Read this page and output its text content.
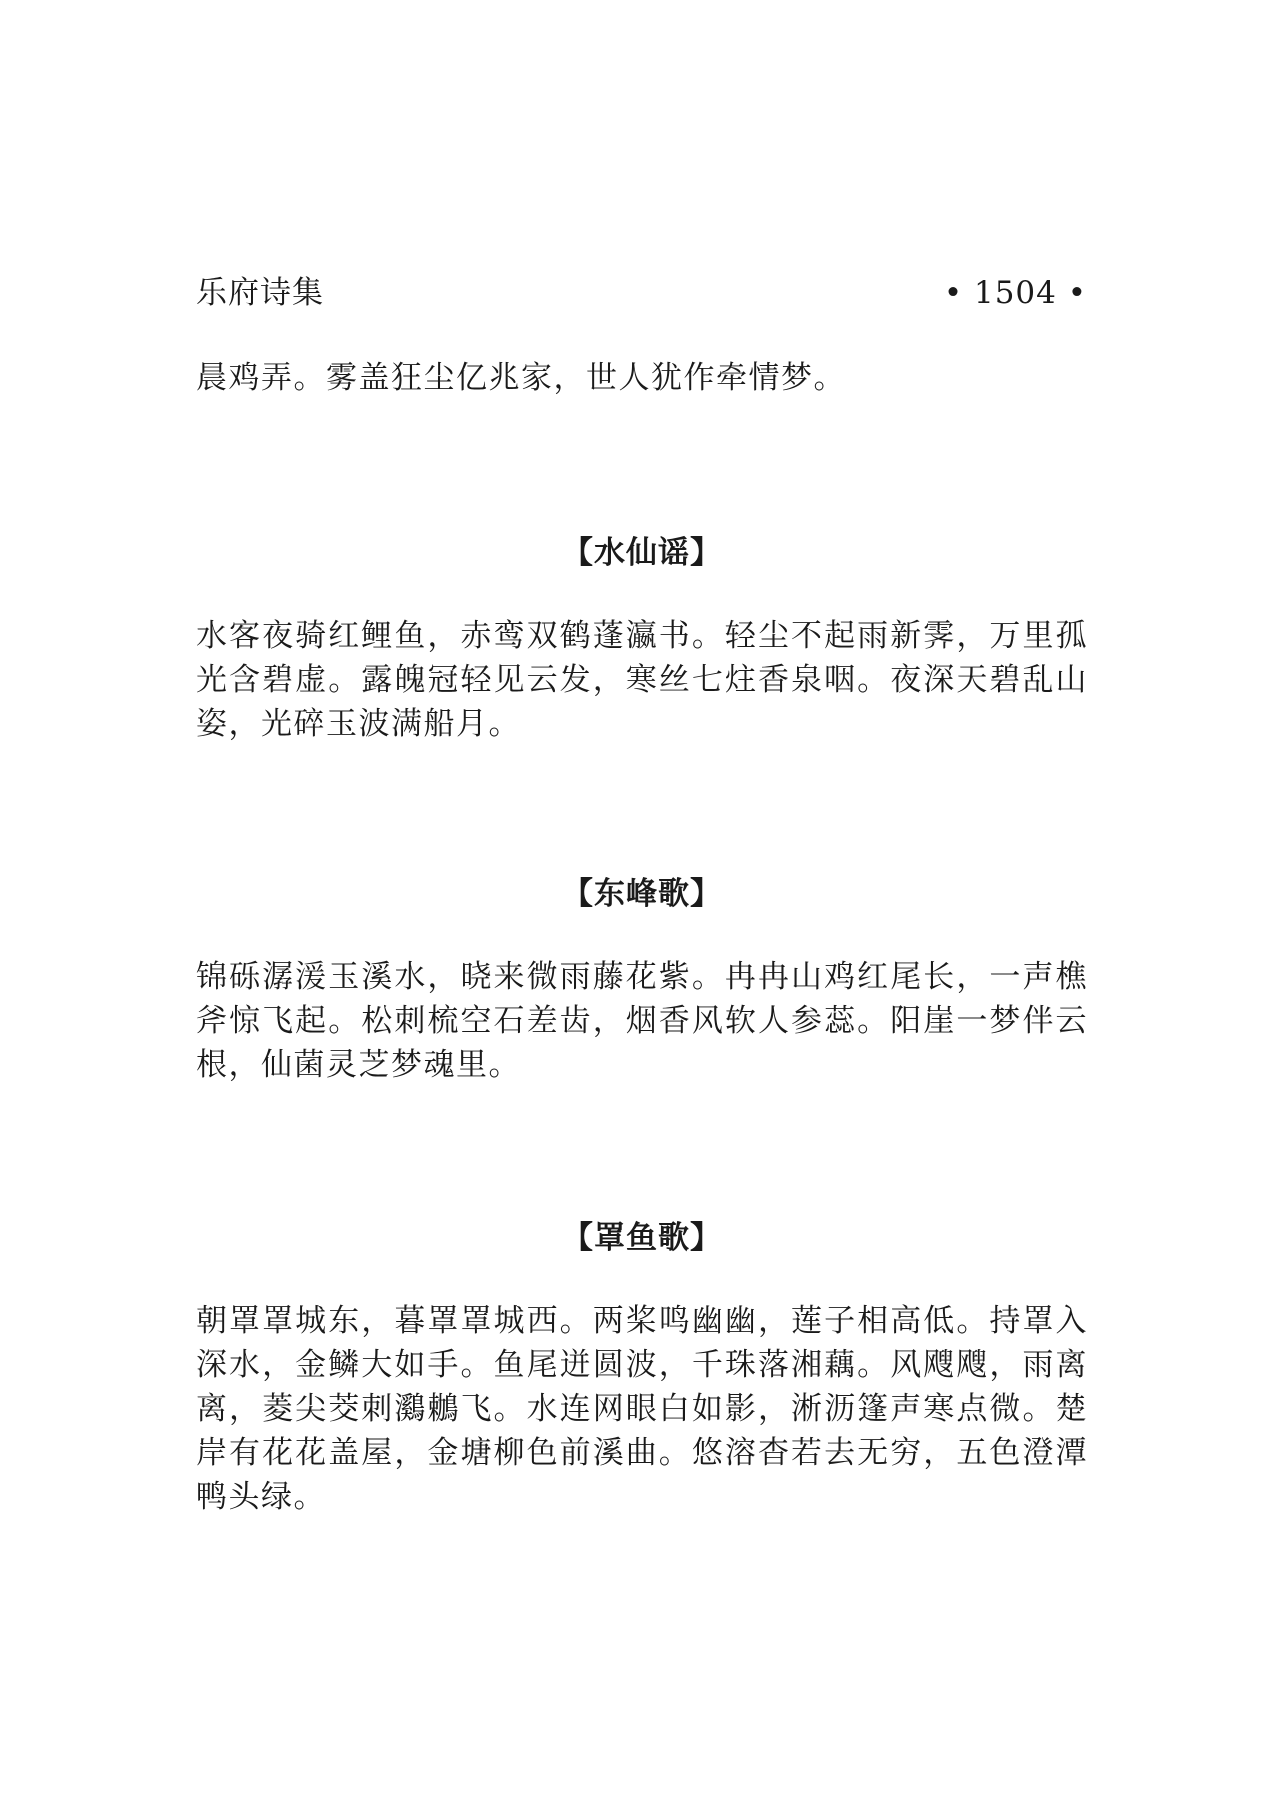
乐府诗集	• 1504 •

晨鸡弄。雾盖狂尘亿兆家，世人犹作牵情梦。

【水仙谣】

水客夜骑红鲤鱼，赤鸾双鹤蓬瀛书。轻尘不起雨新霁，万里孤光含碧虚。露魄冠轻见云发，寒丝七炷香泉咽。夜深天碧乱山姿，光碎玉波满船月。

【东峰歌】

锦砾潺湲玉溪水，晓来微雨藤花紫。冉冉山鸡红尾长，一声樵斧惊飞起。松刺梳空石差齿，烟香风软人参蕊。阳崖一梦伴云根，仙菌灵芝梦魂里。

【罩鱼歌】

朝罩罩城东，暮罩罩城西。两桨鸣幽幽，莲子相高低。持罩入深水，金鳞大如手。鱼尾迸圆波，千珠落湘藕。风飕飕，雨离离，菱尖茭刺鸂鶒飞。水连网眼白如影，淅沥篷声寒点微。楚岸有花花盖屋，金塘柳色前溪曲。悠溶杳若去无穷，五色澄潭鸭头绿。
